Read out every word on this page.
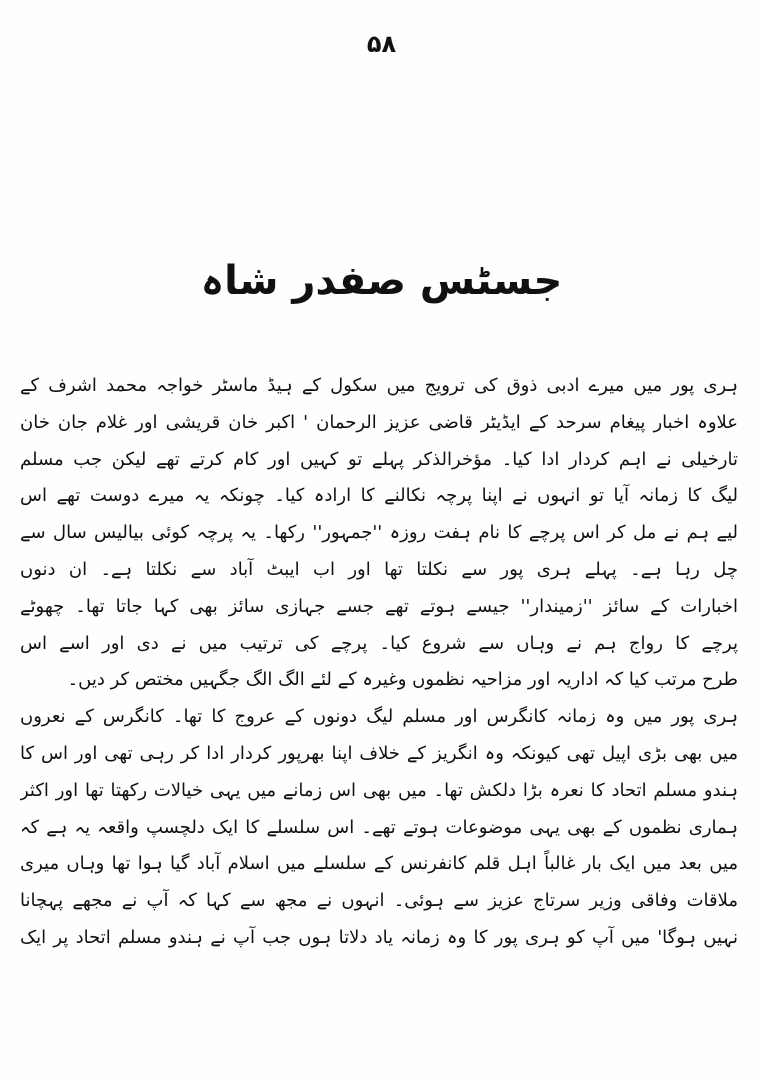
۵۸
جسٹس صفدر شاہ
ہری پور میں میرے ادبی ذوق کی ترویج میں سکول کے ہیڈ ماسٹر خواجہ محمد اشرف کے
علاوہ اخبار پیغام سرحد کے ایڈیٹر قاضی عزیز الرحمان ' اکبر خان قریشی اور غلام جان خان
تارخیلی نے اہم کردار ادا کیا۔ مؤخرالذکر پہلے تو کہیں اور کام کرتے تھے لیکن جب مسلم
لیگ کا زمانہ آیا تو انہوں نے اپنا پرچہ نکالنے کا ارادہ کیا۔ چونکہ یہ میرے دوست تھے اس
لیے ہم نے مل کر اس پرچے کا نام ہفت روزہ ''جمہور'' رکھا۔ یہ پرچہ کوئی بیالیس سال سے
چل رہا ہے۔ پہلے ہری پور سے نکلتا تھا اور اب ایبٹ آباد سے نکلتا ہے۔ ان دنوں
اخبارات کے سائز ''زمیندار'' جیسے ہوتے تھے جسے جہازی سائز بھی کہا جاتا تھا۔ چھوٹے
پرچے کا رواج ہم نے وہاں سے شروع کیا۔ پرچے کی ترتیب میں نے دی اور اسے اس
طرح مرتب کیا کہ اداریہ اور مزاحیہ نظموں وغیرہ کے لئے الگ الگ جگہیں مختص کر دیں۔
ہری پور میں وہ زمانہ کانگرس اور مسلم لیگ دونوں کے عروج کا تھا۔ کانگرس کے نعروں
میں بھی بڑی اپیل تھی کیونکہ وہ انگریز کے خلاف اپنا بھرپور کردار ادا کر رہی تھی اور اس کا
ہندو مسلم اتحاد کا نعرہ بڑا دلکش تھا۔ میں بھی اس زمانے میں یہی خیالات رکھتا تھا اور اکثر
ہماری نظموں کے بھی یہی موضوعات ہوتے تھے۔ اس سلسلے کا ایک دلچسپ واقعہ یہ ہے کہ
میں بعد میں ایک بار غالباً اہل قلم کانفرنس کے سلسلے میں اسلام آباد گیا ہوا تھا وہاں میری
ملاقات وفاقی وزیر سرتاج عزیز سے ہوئی۔ انہوں نے مجھ سے کہا کہ آپ نے مجھے پہچانا
نہیں ہوگا' میں آپ کو ہری پور کا وہ زمانہ یاد دلاتا ہوں جب آپ نے ہندو مسلم اتحاد پر ایک
